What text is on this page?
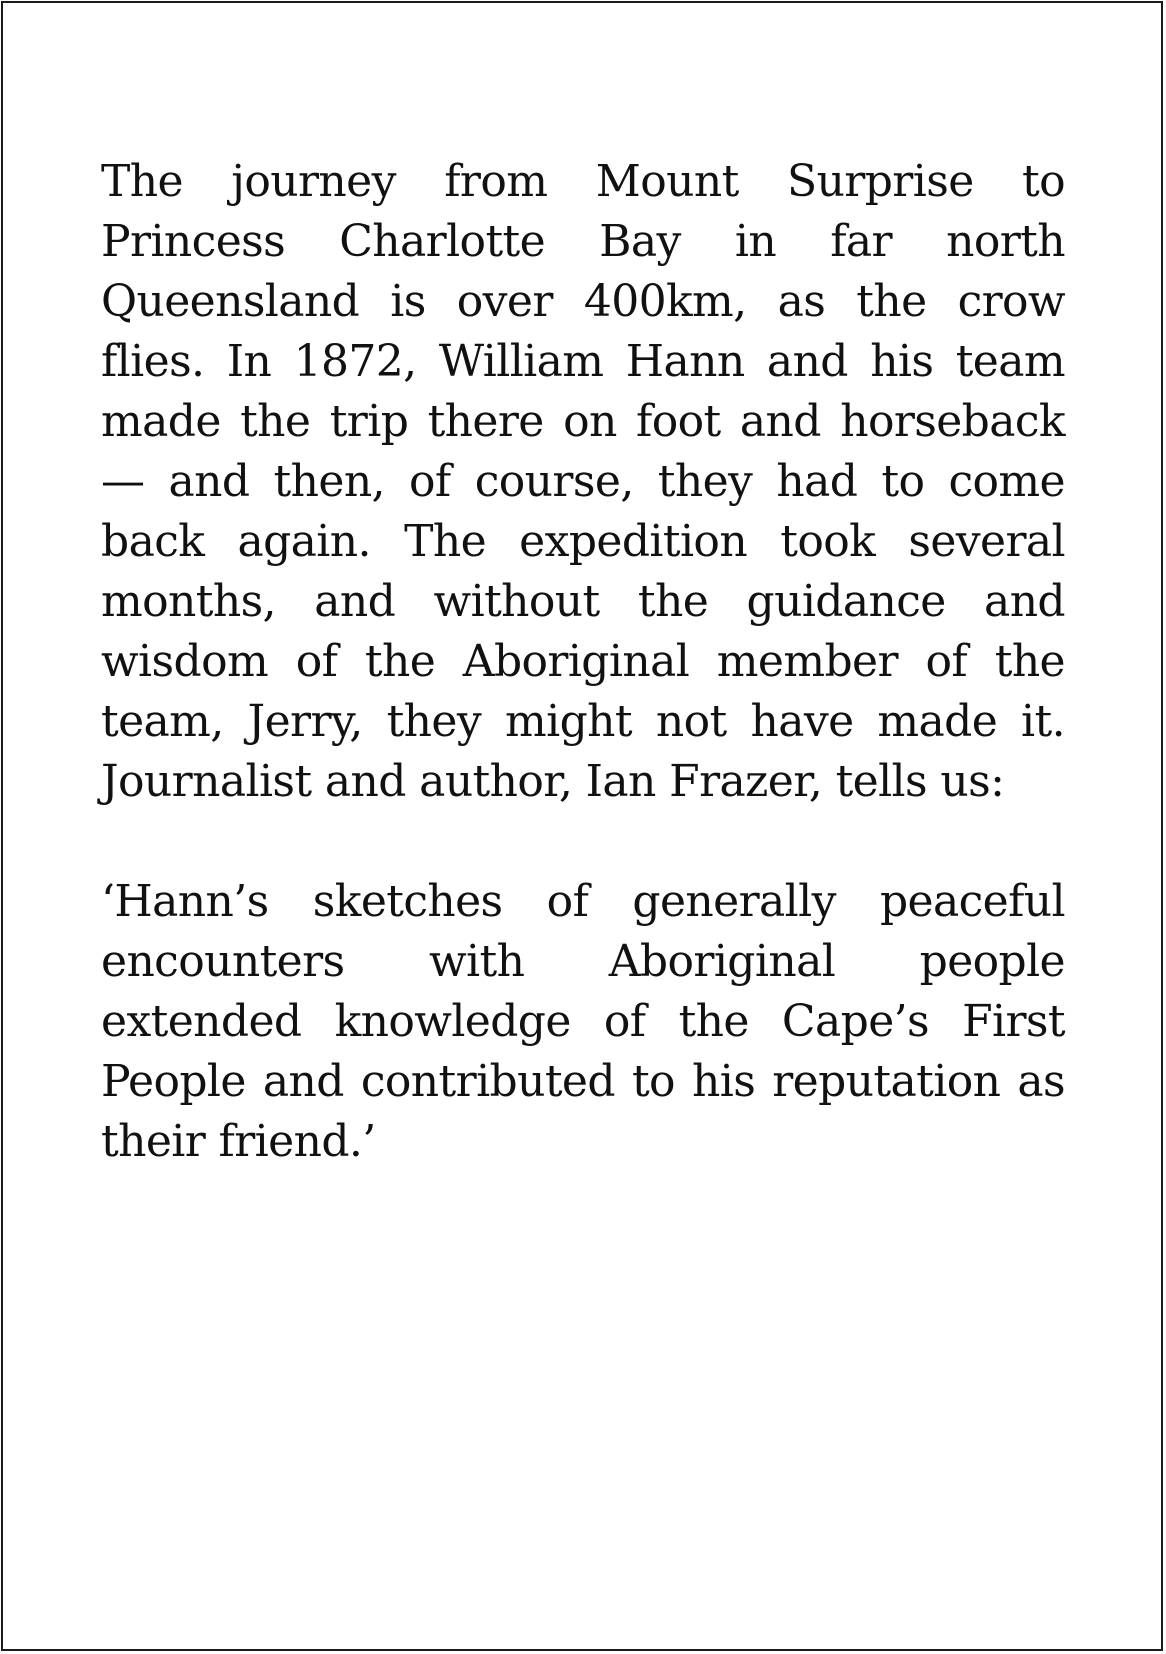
The journey from Mount Surprise to Princess Charlotte Bay in far north Queensland is over 400km, as the crow flies. In 1872, William Hann and his team made the trip there on foot and horseback — and then, of course, they had to come back again. The expedition took several months, and without the guidance and wisdom of the Aboriginal member of the team, Jerry, they might not have made it. Journalist and author, Ian Frazer, tells us:

‘Hann’s sketches of generally peaceful encounters with Aboriginal people extended knowledge of the Cape’s First People and contributed to his reputation as their friend.’
